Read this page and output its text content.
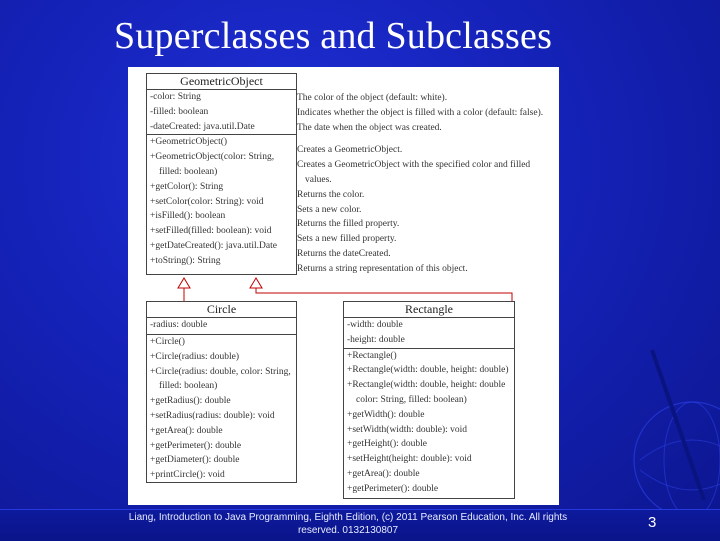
Superclasses and Subclasses
GeometricObject
-color: String
-filled: boolean
-dateCreated: java.util.Date
+GeometricObject()
+GeometricObject(color: String,
filled: boolean)
+getColor(): String
+setColor(color: String): void
+isFilled(): boolean
+setFilled(filled: boolean): void
+getDateCreated(): java.util.Date
+toString(): String
The color of the object (default: white).
Indicates whether the object is filled with a color (default: false).
The date when the object was created.
Creates a GeometricObject.
Creates a GeometricObject with the specified color and filled
values.
Returns the color.
Sets a new color.
Returns the filled property.
Sets a new filled property.
Returns the dateCreated.
Returns a string representation of this object.
Circle
-radius: double
+Circle()
+Circle(radius: double)
+Circle(radius: double, color: String,
filled: boolean)
+getRadius(): double
+setRadius(radius: double): void
+getArea(): double
+getPerimeter(): double
+getDiameter(): double
+printCircle(): void
Rectangle
-width: double
-height: double
+Rectangle()
+Rectangle(width: double, height: double)
+Rectangle(width: double, height: double
color: String, filled: boolean)
+getWidth(): double
+setWidth(width: double): void
+getHeight(): double
+setHeight(height: double): void
+getArea(): double
+getPerimeter(): double
Liang, Introduction to Java Programming, Eighth Edition, (c) 2011 Pearson Education, Inc. All rights reserved. 0132130807	3
